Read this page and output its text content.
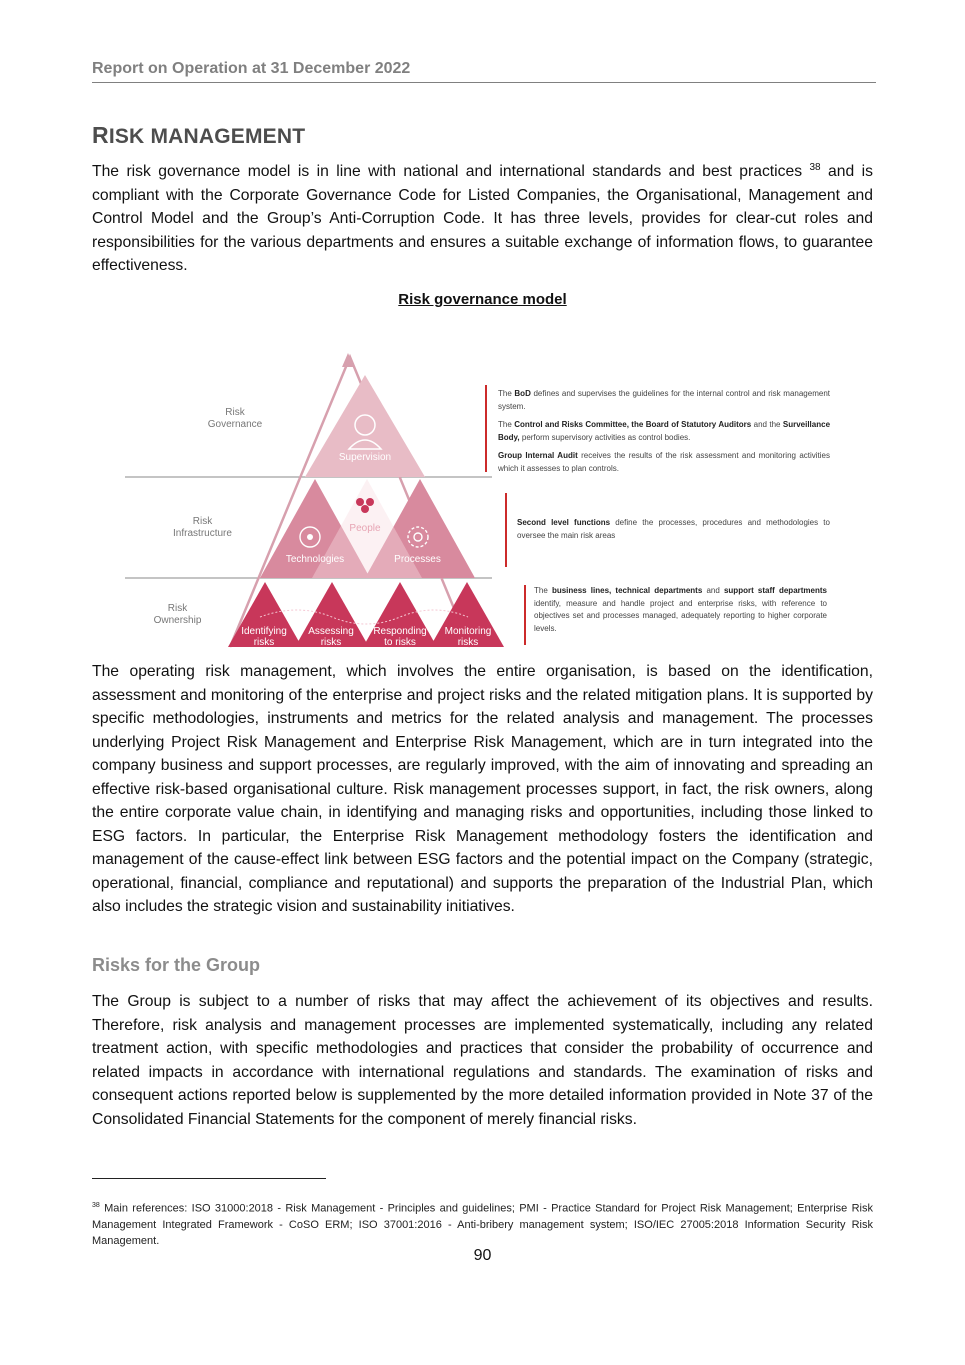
Report on Operation at 31 December 2022
RISK MANAGEMENT
The risk governance model is in line with national and international standards and best practices $^{38}$ and is compliant with the Corporate Governance Code for Listed Companies, the Organisational, Management and Control Model and the Group’s Anti-Corruption Code. It has three levels, provides for clear-cut roles and responsibilities for the various departments and ensures a suitable exchange of information flows, to guarantee effectiveness.
Risk governance model
Risk
Governance
Risk
Infrastructure
Risk
Ownership
Supervision
People
Technologies	Processes
Identifying
risks
Assessing
risks
Responding
to risks
Monitoring
risks

The BoD defines and supervises the guidelines for the internal control and risk management system.

The Control and Risks Committee, the Board of Statutory Auditors and the Surveillance Body, perform supervisory activities as control bodies.

Group Internal Audit receives the results of the risk assessment and monitoring activities which it assesses to plan controls.

Second level functions define the processes, procedures and methodologies to oversee the main risk areas

The business lines, technical departments and support staff departments identify, measure and handle project and enterprise risks, with reference to objectives set and processes managed, adequately reporting to higher corporate levels.

The operating risk management, which involves the entire organisation, is based on the identification, assessment and monitoring of the enterprise and project risks and the related mitigation plans. It is supported by specific methodologies, instruments and metrics for the related analysis and management. The processes underlying Project Risk Management and Enterprise Risk Management, which are in turn integrated into the company business and support processes, are regularly improved, with the aim of innovating and spreading an effective risk-based organisational culture. Risk management processes support, in fact, the risk owners, along the entire corporate value chain, in identifying and managing risks and opportunities, including those linked to ESG factors. In particular, the Enterprise Risk Management methodology fosters the identification and management of the cause-effect link between ESG factors and the potential impact on the Company (strategic, operational, financial, compliance and reputational) and supports the preparation of the Industrial Plan, which also includes the strategic vision and sustainability initiatives.
Risks for the Group
The Group is subject to a number of risks that may affect the achievement of its objectives and results. Therefore, risk analysis and management processes are implemented systematically, including any related treatment action, with specific methodologies and practices that consider the probability of occurrence and related impacts in accordance with international regulations and standards. The examination of risks and consequent actions reported below is supplemented by the more detailed information provided in Note 37 of the Consolidated Financial Statements for the component of merely financial risks.
$^{38}$ Main references: ISO 31000:2018 - Risk Management - Principles and guidelines; PMI - Practice Standard for Project Risk Management; Enterprise Risk Management Integrated Framework - CoSO ERM; ISO 37001:2016 - Anti-bribery management system; ISO/IEC 27005:2018 Information Security Risk Management.
90
